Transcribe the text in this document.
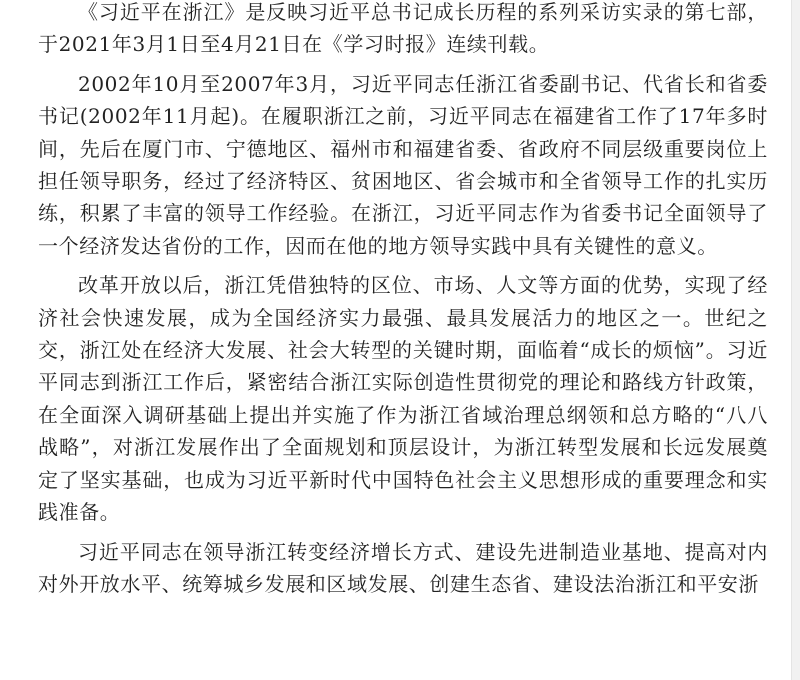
《习近平在浙江》是反映习近平总书记成长历程的系列采访实录的第七部，于2021年3月1日至4月21日在《学习时报》连续刊载。

2002年10月至2007年3月，习近平同志任浙江省委副书记、代省长和省委书记(2002年11月起)。在履职浙江之前，习近平同志在福建省工作了17年多时间，先后在厦门市、宁德地区、福州市和福建省委、省政府不同层级重要岗位上担任领导职务，经过了经济特区、贫困地区、省会城市和全省领导工作的扎实历练，积累了丰富的领导工作经验。在浙江，习近平同志作为省委书记全面领导了一个经济发达省份的工作，因而在他的地方领导实践中具有关键性的意义。

改革开放以后，浙江凭借独特的区位、市场、人文等方面的优势，实现了经济社会快速发展，成为全国经济实力最强、最具发展活力的地区之一。世纪之交，浙江处在经济大发展、社会大转型的关键时期，面临着“成长的烦恼”。习近平同志到浙江工作后，紧密结合浙江实际创造性贯彻党的理论和路线方针政策，在全面深入调研基础上提出并实施了作为浙江省域治理总纲领和总方略的“八八战略”，对浙江发展作出了全面规划和顶层设计，为浙江转型发展和长远发展奠定了坚实基础，也成为习近平新时代中国特色社会主义思想形成的重要理念和实践准备。

习近平同志在领导浙江转变经济增长方式、建设先进制造业基地、提高对内对外开放水平、统筹城乡发展和区域发展、创建生态省、建设法治浙江和平安浙
